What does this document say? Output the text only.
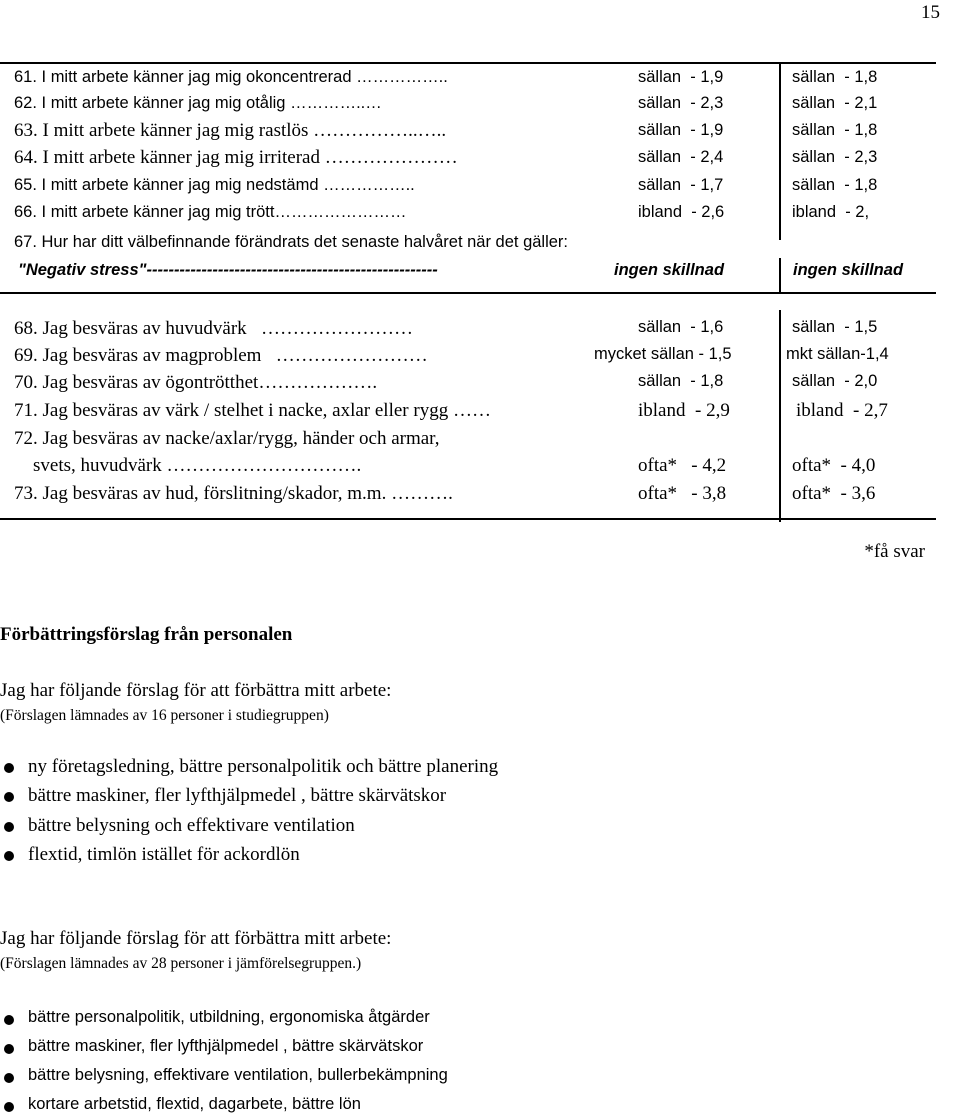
15
61. I mitt arbete känner jag mig okoncentrerad ……………..	sällan  - 1,9	sällan  - 1,8
62. I mitt arbete känner jag mig otålig …………..…	sällan  - 2,3	sällan  - 2,1
63. I mitt arbete känner jag mig rastlös ……………..…..	sällan  - 1,9	sällan  - 1,8
64. I mitt arbete känner jag mig irriterad …………………	sällan  - 2,4	sällan  - 2,3
65. I mitt arbete känner jag mig nedstämd ……………..	sällan  - 1,7	sällan  - 1,8
66. I mitt arbete känner jag mig trött……………………	ibland  - 2,6	ibland  - 2,
67. Hur har ditt välbefinnande förändrats det senaste halvåret när det gäller:
"Negativ stress"-----------------------------------------------------	ingen skillnad	ingen skillnad
68. Jag besväras av huvudvärk   ……………………	sällan  - 1,6	sällan  - 1,5
69. Jag besväras av magproblem   ……………………	mycket sällan - 1,5	mkt sällan-1,4
70. Jag besväras av ögontrötthet……………….	sällan  - 1,8	sällan  - 2,0
71. Jag besväras av värk / stelhet i nacke, axlar eller rygg ……	ibland  - 2,9	ibland  - 2,7
72. Jag besväras av nacke/axlar/rygg, händer och armar,
svets, huvudvärk ………………………….	ofta*   - 4,2	ofta*  - 4,0
73. Jag besväras av hud, förslitning/skador, m.m. ……….	ofta*   - 3,8	ofta*  - 3,6
*få svar
Förbättringsförslag från personalen
Jag har följande förslag för att förbättra mitt arbete:
(Förslagen lämnades av 16 personer i studiegruppen)
ny företagsledning, bättre personalpolitik och bättre planering
bättre maskiner, fler lyfthjälpmedel , bättre skärvätskor
bättre belysning och effektivare ventilation
flextid, timlön istället för ackordlön
Jag har följande förslag för att förbättra mitt arbete:
(Förslagen lämnades av 28 personer i jämförelsegruppen.)
bättre personalpolitik, utbildning, ergonomiska åtgärder
bättre maskiner, fler lyfthjälpmedel , bättre skärvätskor
bättre belysning, effektivare ventilation, bullerbekämpning
kortare arbetstid, flextid, dagarbete, bättre lön
